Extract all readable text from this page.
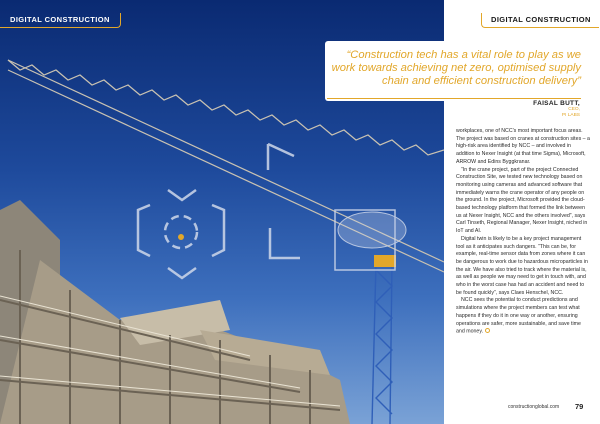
DIGITAL CONSTRUCTION	DIGITAL CONSTRUCTION
“Construction tech has a vital role to play as we work towards achieving net zero, optimised supply chain and efficient construction delivery”
FAISAL BUTT,
CEO,
PI LABS

workplaces, one of NCC’s most important focus areas. The project was based on cranes at construction sites – a high-risk area identified by NCC – and involved in addition to Nexer Insight (at that time Sigma), Microsoft, ARROW and Edins Byggkranar.

“In the crane project, part of the project Connected Construction Site, we tested new technology based on monitoring using cameras and advanced software that immediately warns the crane operator of any people on the ground. In the project, Microsoft provided the cloud-based technology platform that formed the link between us at Nexer Insight, NCC and the others involved”, says Carl Tinseth, Regional Manager, Nexer Insight, niched in IoT and AI.

Digital twin is likely to be a key project management tool as it anticipates such dangers. “This can be, for example, real-time sensor data from zones where it can be dangerous to work due to hazardous microparticles in the air. We have also tried to track where the material is, as well as people we may need to get in touch with, and who in the worst case has had an accident and need to be found quickly”, says Claes Henschel, NCC.

NCC sees the potential to conduct predictions and simulations where the project members can test what happens if they do it in one way or another, ensuring operations are safer, more sustainable, and save time and money.

constructionglobal.com 79
